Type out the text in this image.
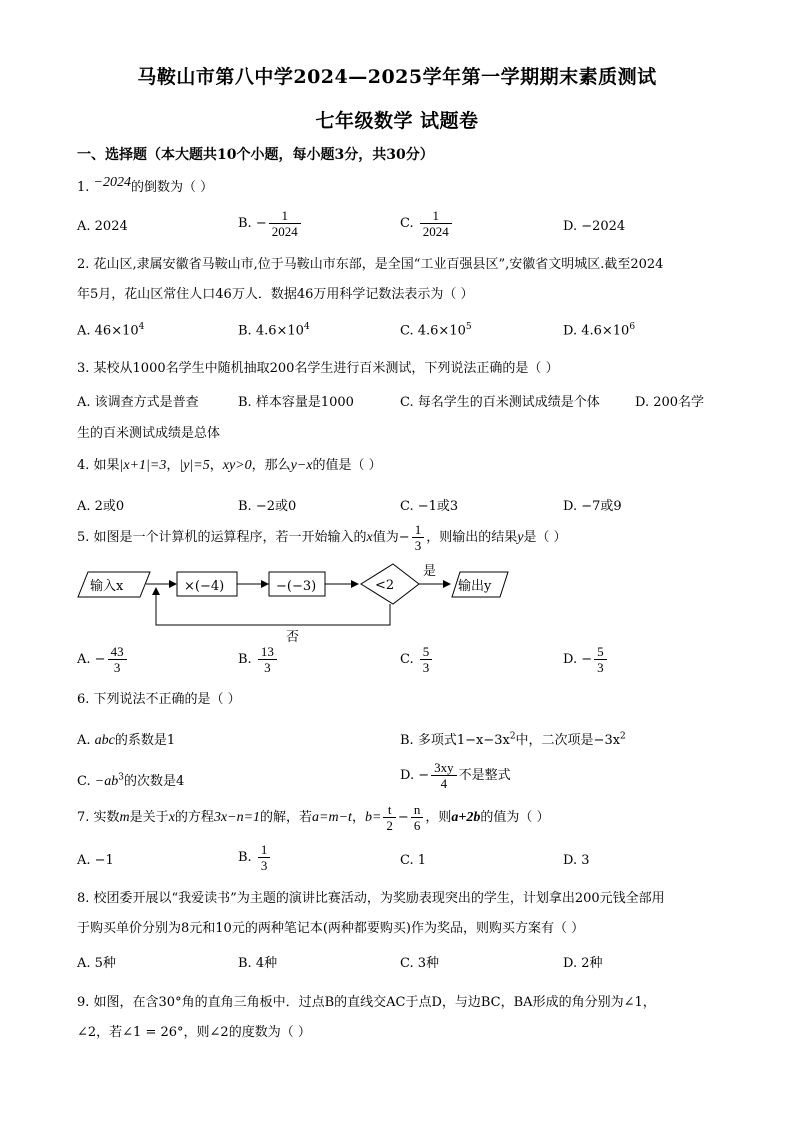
马鞍山市第八中学2024—2025学年第一学期期末素质测试
七年级数学 试题卷
一、选择题（本大题共10个小题，每小题3分，共30分）
1. −2024的倒数为（ ）
A. 2024	B. − $\frac{1}{2024}$	C. $\frac{1}{2024}$	D. −2024
2. 花山区,隶属安徽省马鞍山市,位于马鞍山市东部，是全国“工业百强县区”,安徽省文明城区.截至2024
年5月，花山区常住人口46万人．数据46万用科学记数法表示为（ ）
A. $46\times 10^4$	B. $4.6\times 10^4$	C. $4.6\times 10^5$	D. $4.6\times 10^6$
3. 某校从1000名学生中随机抽取200名学生进行百米测试，下列说法正确的是（ ）
A. 该调查方式是普查	B. 样本容量是1000	C. 每名学生的百米测试成绩是个体	D. 200名学
生的百米测试成绩是总体
4. 如果|x+1|=3，|y|=5，xy>0，那么y−x的值是（ ）
A. 2或0	B. −2或0	C. −1或3	D. −7或9
5. 如图是一个计算机的运算程序，若一开始输入的x值为− $\frac{1}{3}$ ，则输出的结果y是（ ）
输入x	×(−4)	−(−3)	<2
是
输出y
否
A. − $\frac{43}{3}$	B. $\frac{13}{3}$	C. $\frac{5}{3}$	D. − $\frac{5}{3}$
6. 下列说法不正确的是（ ）
A. abc的系数是1	B. 多项式$1-x-3x^2$中，二次项是$-3x^2$
C. $-ab^3$的次数是4	D. − $\frac{3xy}{4}$ 不是整式
7. 实数m是关于x的方程3x−n=1的解，若a=m−t，$b= \frac{t}{2} - \frac{n}{6}$ ，则a+2b的值为（ ）
A. −1	B. $\frac{1}{3}$	C. 1	D. 3
8. 校团委开展以“我爱读书”为主题的演讲比赛活动，为奖励表现突出的学生，计划拿出200元钱全部用
于购买单价分别为8元和10元的两种笔记本(两种都要购买)作为奖品，则购买方案有（ ）
A. 5种	B. 4种	C. 3种	D. 2种
9. 如图，在含30°角的直角三角板中．过点B的直线交AC于点D，与边BC，BA形成的角分别为∠1，
∠2，若∠1 = 26°，则∠2的度数为（ ）
